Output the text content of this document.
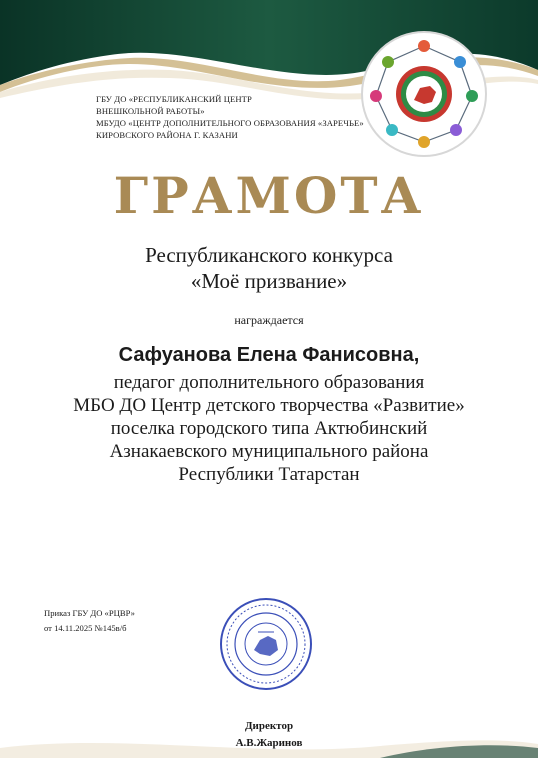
ГБУ ДО «РЕСПУБЛИКАНСКИЙ ЦЕНТР
ВНЕШКОЛЬНОЙ РАБОТЫ»
МБУДО «ЦЕНТР ДОПОЛНИТЕЛЬНОГО ОБРАЗОВАНИЯ «ЗАРЕЧЬЕ»
КИРОВСКОГО РАЙОНА Г. КАЗАНИ
ГРАМОТА
Республиканского конкурса
«Моё призвание»
награждается
Сафуанова Елена Фанисовна,
педагог дополнительного образования
МБО ДО Центр детского творчества «Развитие»
поселка городского типа Актюбинский
Азнакаевского муниципального района
Республики Татарстан
Приказ ГБУ ДО «РЦВР»
от 14.11.2025 №145в/б
Директор
А.В.Жаринов
